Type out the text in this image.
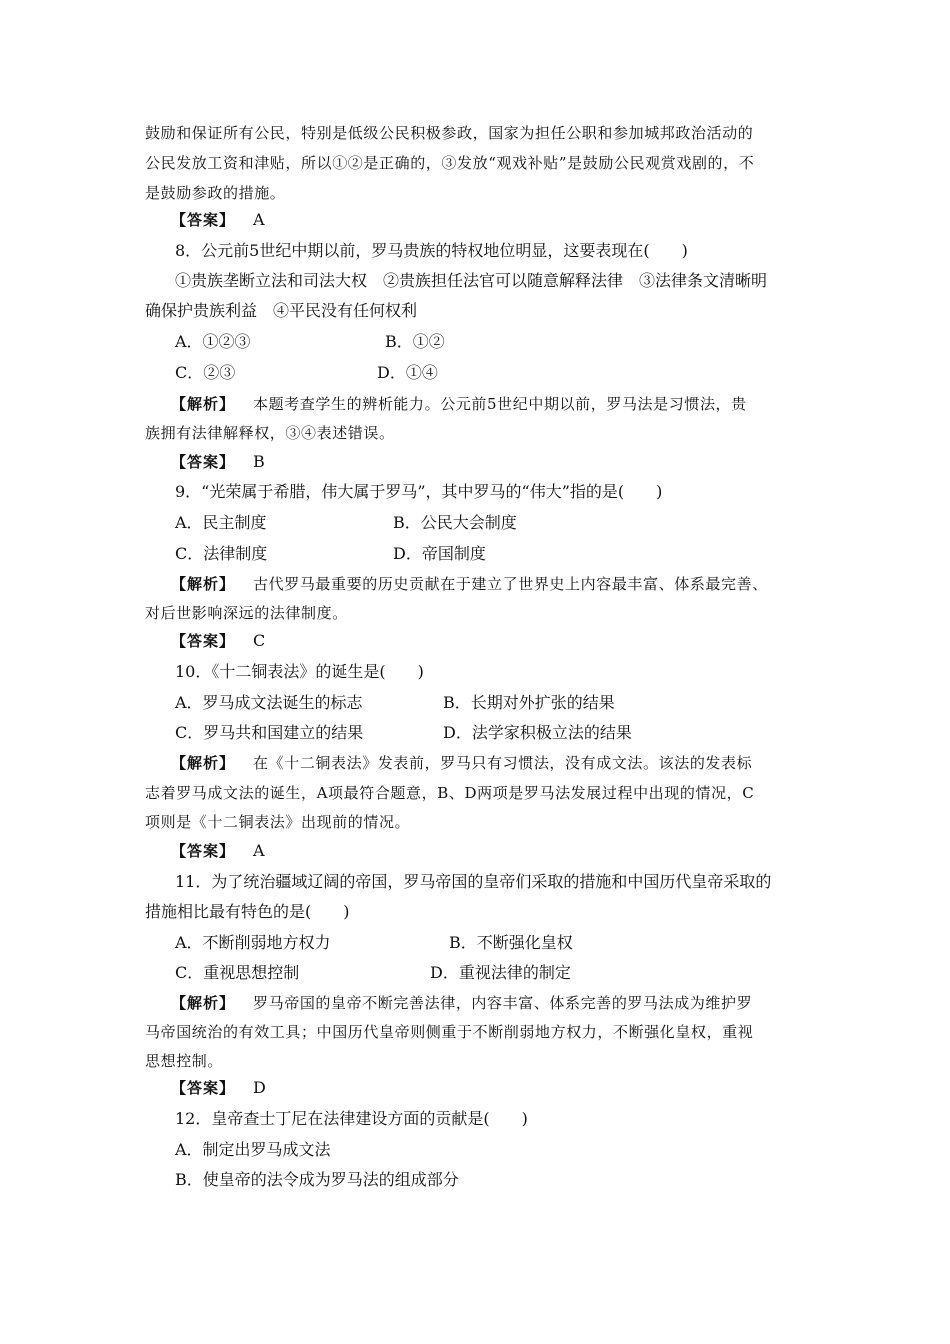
鼓励和保证所有公民，特别是低级公民积极参政，国家为担任公职和参加城邦政治活动的
公民发放工资和津贴，所以①②是正确的，③发放“观戏补贴”是鼓励公民观赏戏剧的，不
是鼓励参政的措施。
【答案】 A
8．公元前5世纪中期以前，罗马贵族的特权地位明显，这要表现在(　　)
①贵族垄断立法和司法大权　②贵族担任法官可以随意解释法律　③法律条文清晰明
确保护贵族利益　④平民没有任何权利
A．①②③	B．①②
C．②③	D．①④
【解析】 本题考查学生的辨析能力。公元前5世纪中期以前，罗马法是习惯法，贵
族拥有法律解释权，③④表述错误。
【答案】 B
9．“光荣属于希腊，伟大属于罗马”，其中罗马的“伟大”指的是(　　)
A．民主制度	B．公民大会制度
C．法律制度	D．帝国制度
【解析】 古代罗马最重要的历史贡献在于建立了世界史上内容最丰富、体系最完善、
对后世影响深远的法律制度。
【答案】 C
10．《十二铜表法》的诞生是(　　)
A．罗马成文法诞生的标志	B．长期对外扩张的结果
C．罗马共和国建立的结果	D．法学家积极立法的结果
【解析】 在《十二铜表法》发表前，罗马只有习惯法，没有成文法。该法的发表标
志着罗马成文法的诞生，A项最符合题意，B、D两项是罗马法发展过程中出现的情况，C
项则是《十二铜表法》出现前的情况。
【答案】 A
11．为了统治疆域辽阔的帝国，罗马帝国的皇帝们采取的措施和中国历代皇帝采取的
措施相比最有特色的是(　　)
A．不断削弱地方权力	B．不断强化皇权
C．重视思想控制	D．重视法律的制定
【解析】 罗马帝国的皇帝不断完善法律，内容丰富、体系完善的罗马法成为维护罗
马帝国统治的有效工具；中国历代皇帝则侧重于不断削弱地方权力，不断强化皇权，重视
思想控制。
【答案】 D
12．皇帝查士丁尼在法律建设方面的贡献是(　　)
A．制定出罗马成文法
B．使皇帝的法令成为罗马法的组成部分
